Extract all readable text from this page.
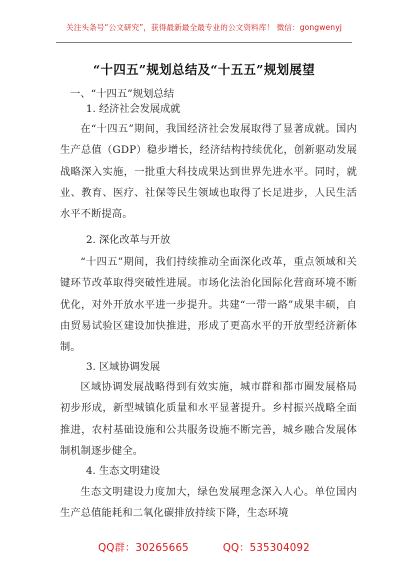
关注头条号“公文研究”，获得最新最全最专业的公文资料库！ 微信：gongwenyj
“十四五”规划总结及“十五五”规划展望
一、“十四五”规划总结
1. 经济社会发展成就
在“十四五”期间，我国经济社会发展取得了显著成就。国内生产总值（GDP）稳步增长，经济结构持续优化，创新驱动发展战略深入实施，一批重大科技成果达到世界先进水平。同时，就业、教育、医疗、社保等民生领域也取得了长足进步，人民生活水平不断提高。
2. 深化改革与开放
“十四五”期间，我们持续推动全面深化改革，重点领域和关键环节改革取得突破性进展。市场化法治化国际化营商环境不断优化，对外开放水平进一步提升。共建“一带一路”成果丰硕，自由贸易试验区建设加快推进，形成了更高水平的开放型经济新体制。
3. 区域协调发展
区域协调发展战略得到有效实施，城市群和都市圈发展格局初步形成，新型城镇化质量和水平显著提升。乡村振兴战略全面推进，农村基础设施和公共服务设施不断完善，城乡融合发展体制机制逐步健全。
4. 生态文明建设
生态文明建设力度加大，绿色发展理念深入人心。单位国内生产总值能耗和二氧化碳排放持续下降，生态环境
QQ群：30265665	QQ：535304092
